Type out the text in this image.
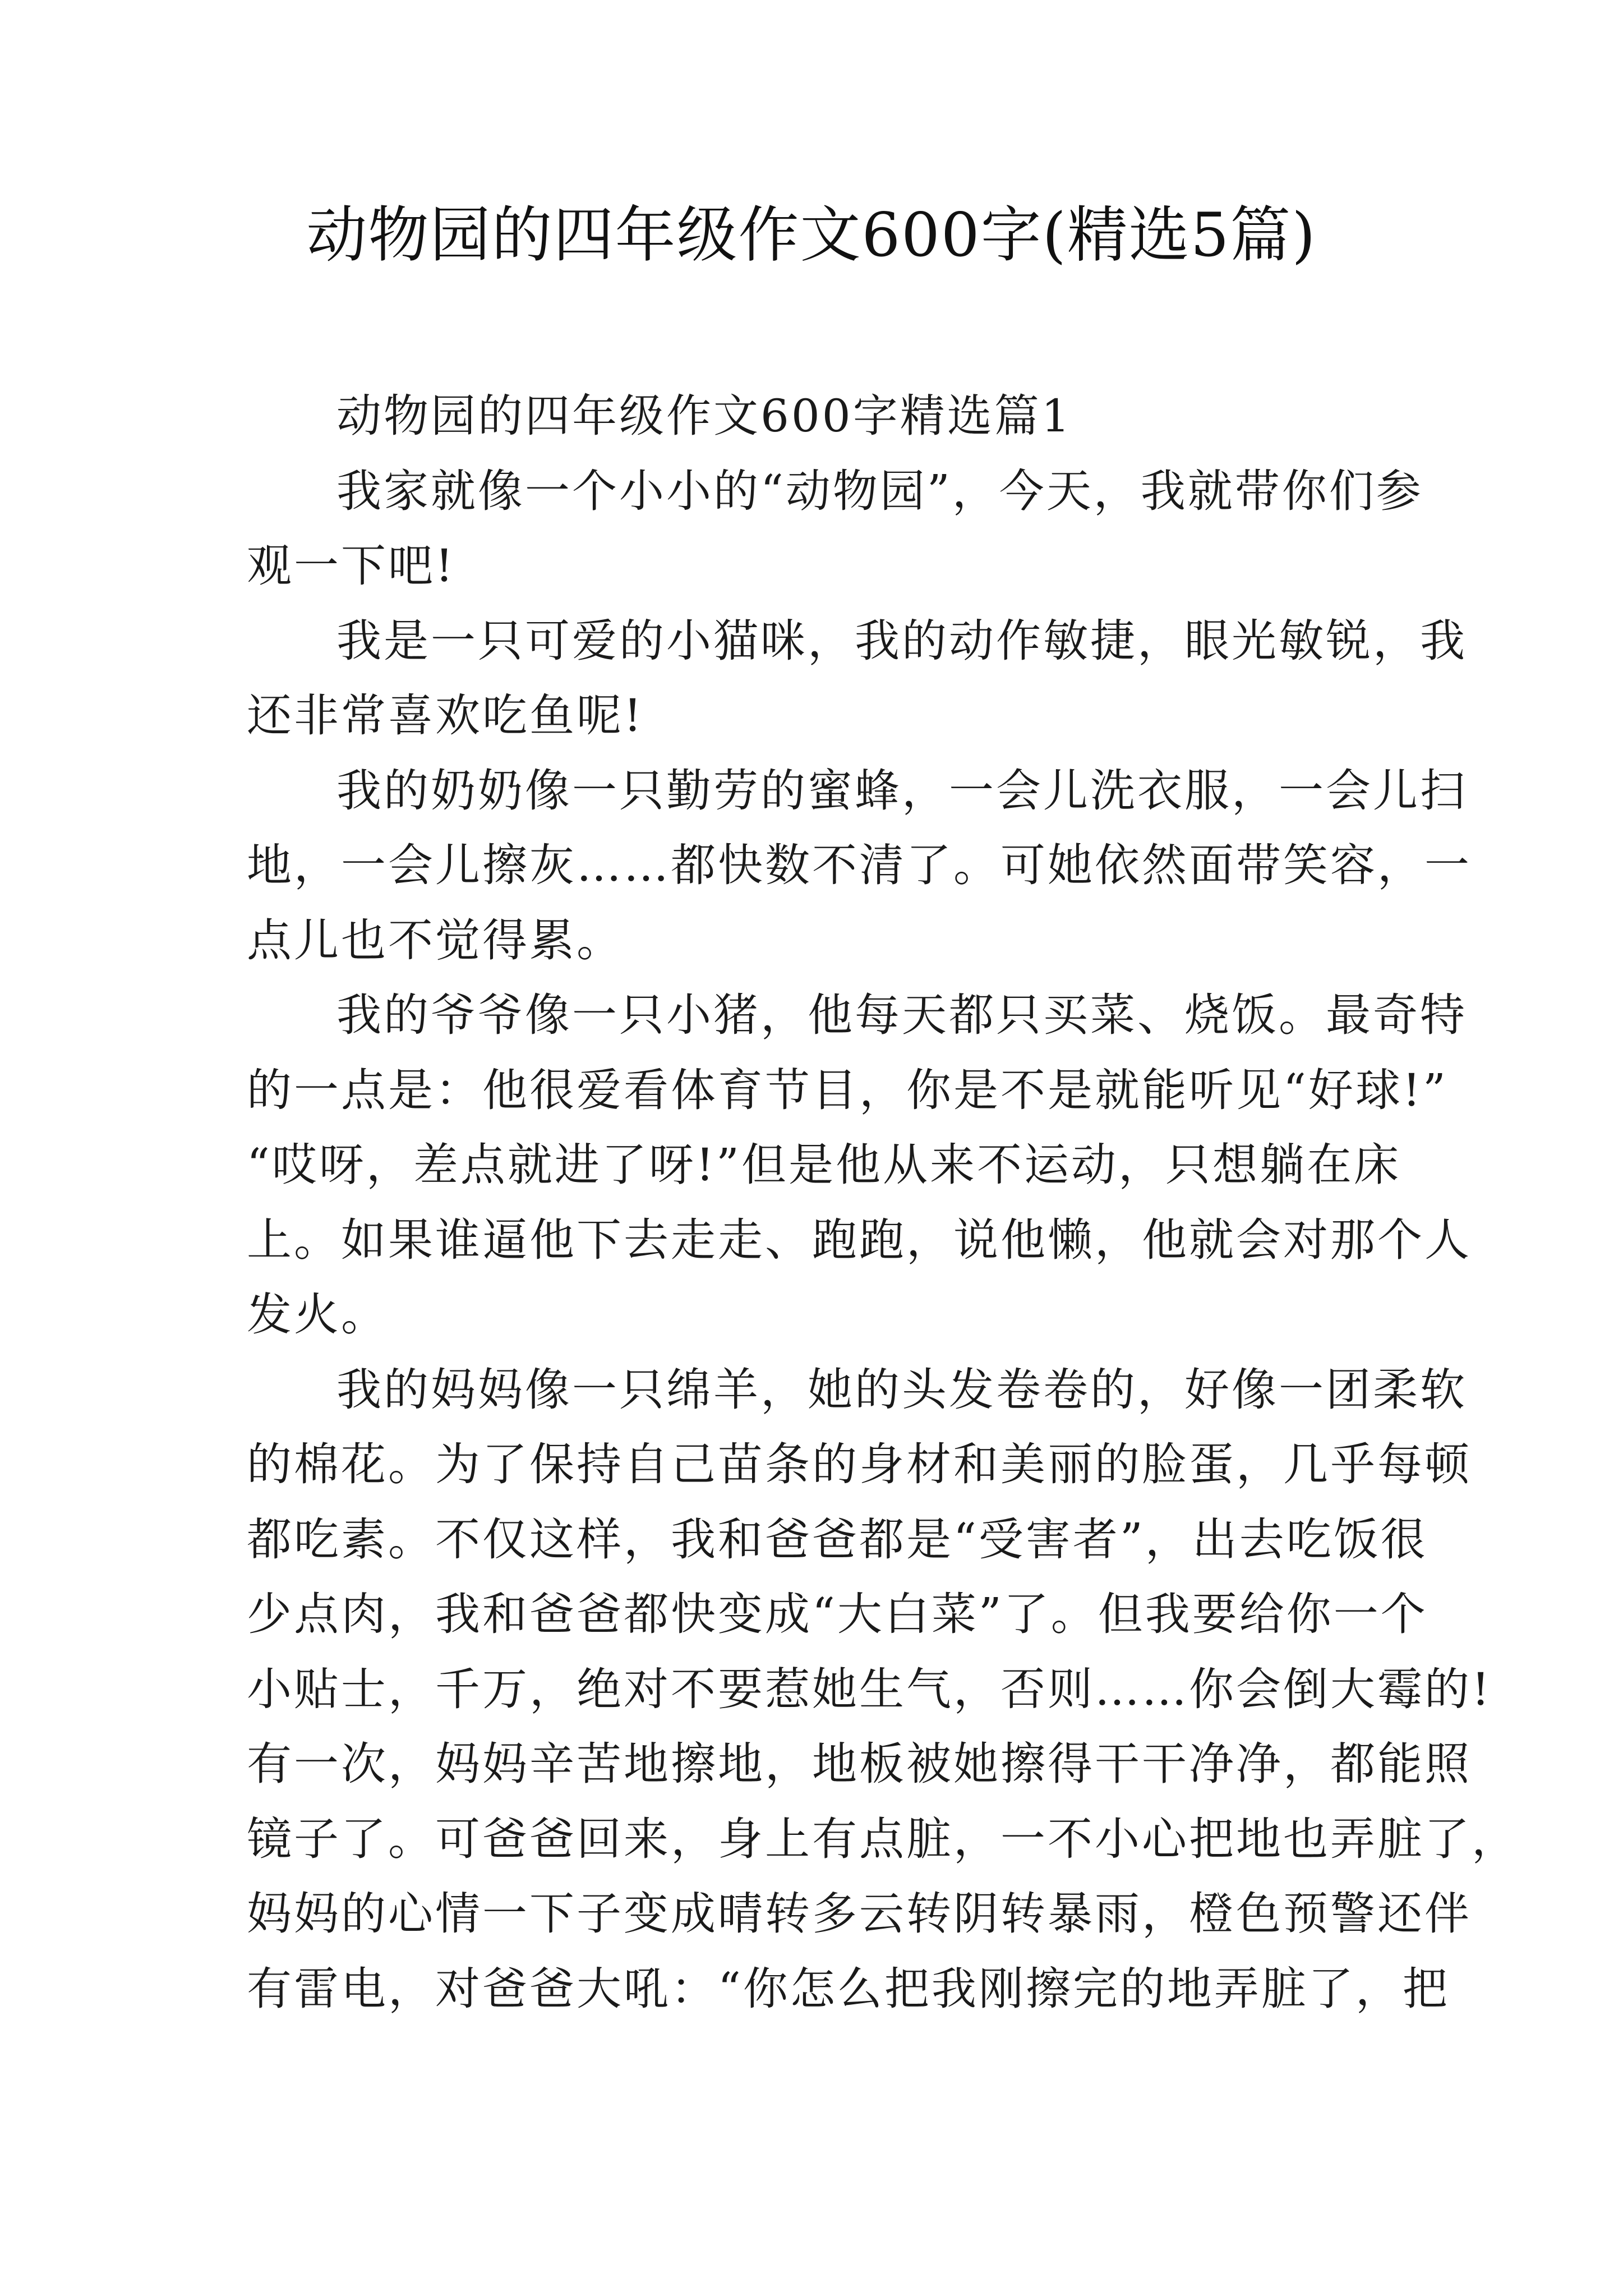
动物园的四年级作文600字(精选5篇)
动物园的四年级作文600字精选篇1
我家就像一个小小的“动物园”，今天，我就带你们参
观一下吧!
我是一只可爱的小猫咪，我的动作敏捷，眼光敏锐，我
还非常喜欢吃鱼呢!
我的奶奶像一只勤劳的蜜蜂，一会儿洗衣服，一会儿扫
地，一会儿擦灰……都快数不清了。可她依然面带笑容，一
点儿也不觉得累。
我的爷爷像一只小猪，他每天都只买菜、烧饭。最奇特
的一点是：他很爱看体育节目，你是不是就能听见“好球!”
“哎呀，差点就进了呀!”但是他从来不运动，只想躺在床
上。如果谁逼他下去走走、跑跑，说他懒，他就会对那个人
发火。
我的妈妈像一只绵羊，她的头发卷卷的，好像一团柔软
的棉花。为了保持自己苗条的身材和美丽的脸蛋，几乎每顿
都吃素。不仅这样，我和爸爸都是“受害者”，出去吃饭很
少点肉，我和爸爸都快变成“大白菜”了。但我要给你一个
小贴士，千万，绝对不要惹她生气，否则……你会倒大霉的!
有一次，妈妈辛苦地擦地，地板被她擦得干干净净，都能照
镜子了。可爸爸回来，身上有点脏，一不小心把地也弄脏了，
妈妈的心情一下子变成晴转多云转阴转暴雨，橙色预警还伴
有雷电，对爸爸大吼：“你怎么把我刚擦完的地弄脏了，把
